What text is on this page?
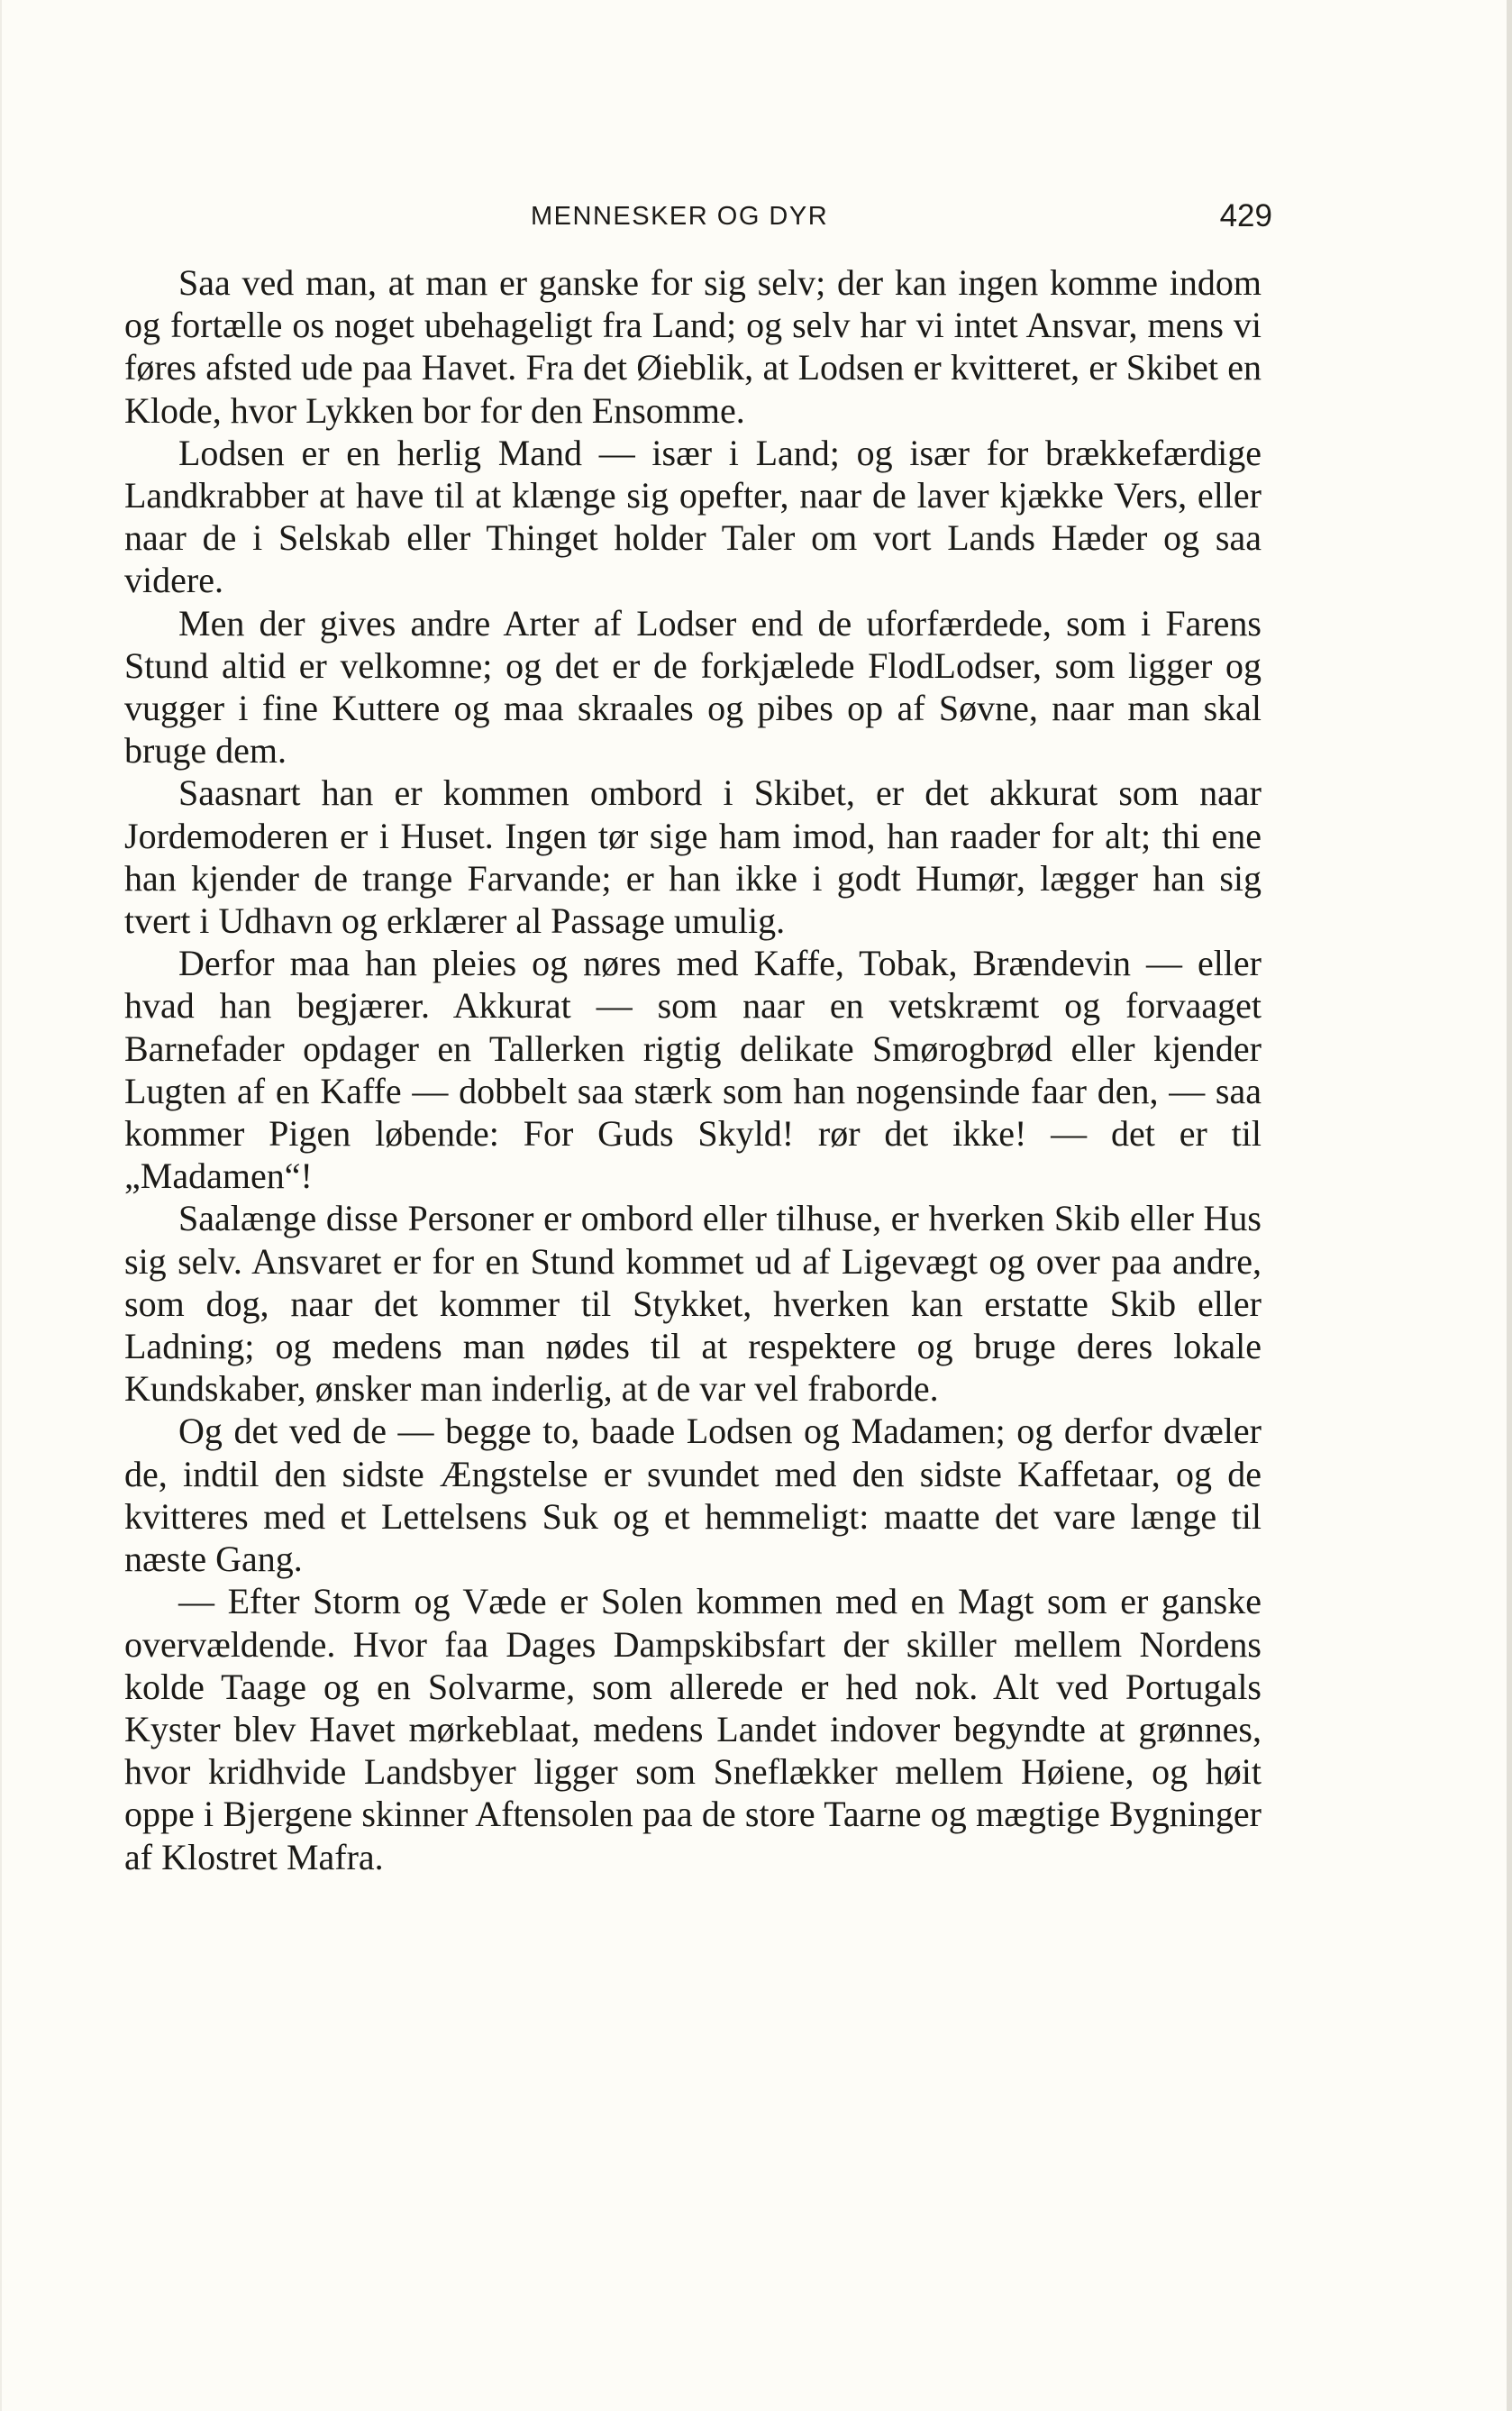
MENNESKER OG DYR	429

Saa ved man, at man er ganske for sig selv; der kan ingen komme indom og fortælle os noget ubehageligt fra Land; og selv har vi intet Ansvar, mens vi føres afsted ude paa Havet. Fra det Øieblik, at Lodsen er kvitteret, er Skibet en Klode, hvor Lykken bor for den Ensomme.

Lodsen er en herlig Mand — især i Land; og især for brækkefærdige Landkrabber at have til at klænge sig opefter, naar de laver kjække Vers, eller naar de i Selskab eller Thinget holder Taler om vort Lands Hæder og saa videre.

Men der gives andre Arter af Lodser end de uforfærdede, som i Farens Stund altid er velkomne; og det er de forkjælede FlodLodser, som ligger og vugger i fine Kuttere og maa skraales og pibes op af Søvne, naar man skal bruge dem.

Saasnart han er kommen ombord i Skibet, er det akkurat som naar Jordemoderen er i Huset. Ingen tør sige ham imod, han raader for alt; thi ene han kjender de trange Farvande; er han ikke i godt Humør, lægger han sig tvert i Udhavn og erklærer al Passage umulig.

Derfor maa han pleies og nøres med Kaffe, Tobak, Brændevin — eller hvad han begjærer. Akkurat — som naar en vetskræmt og forvaaget Barnefader opdager en Tallerken rigtig delikate Smørogbrød eller kjender Lugten af en Kaffe — dobbelt saa stærk som han nogensinde faar den, — saa kommer Pigen løbende: For Guds Skyld! rør det ikke! — det er til „Madamen“!

Saalænge disse Personer er ombord eller tilhuse, er hverken Skib eller Hus sig selv. Ansvaret er for en Stund kommet ud af Ligevægt og over paa andre, som dog, naar det kommer til Stykket, hverken kan erstatte Skib eller Ladning; og medens man nødes til at respektere og bruge deres lokale Kundskaber, ønsker man inderlig, at de var vel fraborde.

Og det ved de — begge to, baade Lodsen og Madamen; og derfor dvæler de, indtil den sidste Ængstelse er svundet med den sidste Kaffetaar, og de kvitteres med et Lettelsens Suk og et hemmeligt: maatte det vare længe til næste Gang.

— Efter Storm og Væde er Solen kommen med en Magt som er ganske overvældende. Hvor faa Dages Dampskibsfart der skiller mellem Nordens kolde Taage og en Solvarme, som allerede er hed nok. Alt ved Portugals Kyster blev Havet mørkeblaat, medens Landet indover begyndte at grønnes, hvor kridhvide Landsbyer ligger som Sneflækker mellem Høiene, og høit oppe i Bjergene skinner Aftensolen paa de store Taarne og mægtige Bygninger af Klostret Mafra.
